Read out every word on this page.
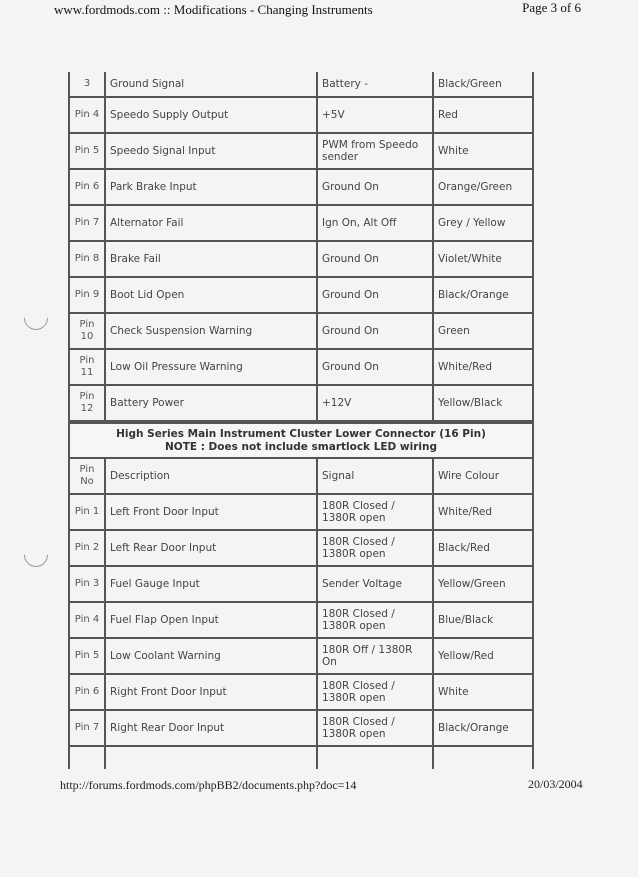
www.fordmods.com :: Modifications - Changing Instruments	Page 3 of 6
3	Ground Signal	Battery -	Black/Green
Pin 4	Speedo Supply Output	+5V	Red
Pin 5	Speedo Signal Input	PWM from Speedo sender	White
Pin 6	Park Brake Input	Ground On	Orange/Green
Pin 7	Alternator Fail	Ign On, Alt Off	Grey / Yellow
Pin 8	Brake Fail	Ground On	Violet/White
Pin 9	Boot Lid Open	Ground On	Black/Orange
Pin 10	Check Suspension Warning	Ground On	Green
Pin 11	Low Oil Pressure Warning	Ground On	White/Red
Pin 12	Battery Power	+12V	Yellow/Black
High Series Main Instrument Cluster Lower Connector (16 Pin)
NOTE : Does not include smartlock LED wiring
Pin No	Description	Signal	Wire Colour
Pin 1	Left Front Door Input	180R Closed / 1380R open	White/Red
Pin 2	Left Rear Door Input	180R Closed / 1380R open	Black/Red
Pin 3	Fuel Gauge Input	Sender Voltage	Yellow/Green
Pin 4	Fuel Flap Open Input	180R Closed / 1380R open	Blue/Black
Pin 5	Low Coolant Warning	180R Off / 1380R On	Yellow/Red
Pin 6	Right Front Door Input	180R Closed / 1380R open	White
Pin 7	Right Rear Door Input	180R Closed / 1380R open	Black/Orange
http://forums.fordmods.com/phpBB2/documents.php?doc=14	20/03/2004
